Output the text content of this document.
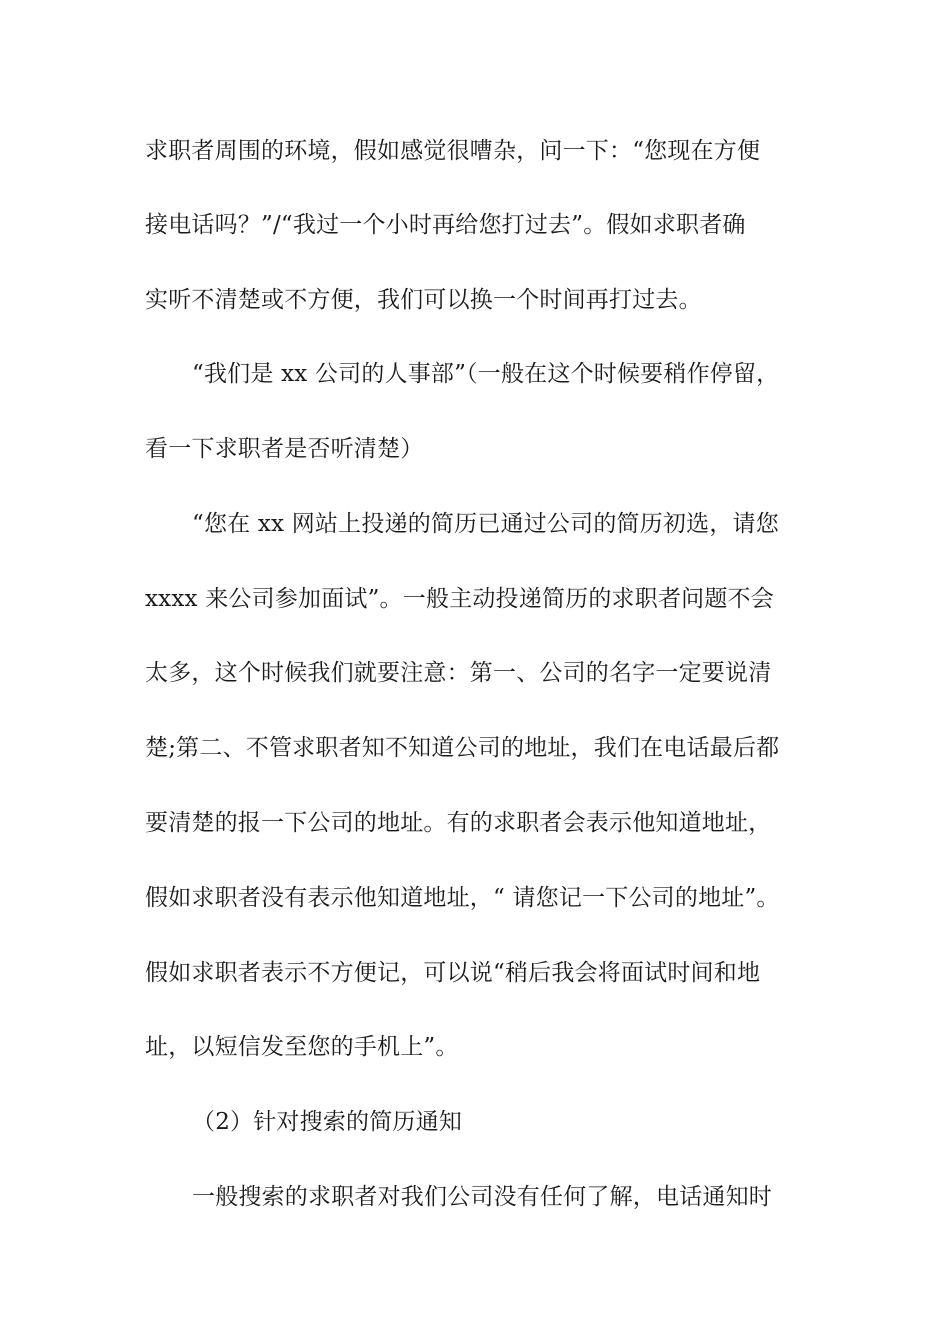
求职者周围的环境，假如感觉很嘈杂，问一下：“您现在方便

接电话吗？”/“我过一个小时再给您打过去”。假如求职者确

实听不清楚或不方便，我们可以换一个时间再打过去。

“我们是 xx 公司的人事部”（一般在这个时候要稍作停留，

看一下求职者是否听清楚）

“您在 xx 网站上投递的简历已通过公司的简历初选，请您

xxxx 来公司参加面试”。一般主动投递简历的求职者问题不会

太多，这个时候我们就要注意：第一、公司的名字一定要说清

楚;第二、不管求职者知不知道公司的地址，我们在电话最后都

要清楚的报一下公司的地址。有的求职者会表示他知道地址，

假如求职者没有表示他知道地址，“ 请您记一下公司的地址”。

假如求职者表示不方便记，可以说“稍后我会将面试时间和地

址，以短信发至您的手机上”。

（2）针对搜索的简历通知

一般搜索的求职者对我们公司没有任何了解，电话通知时
